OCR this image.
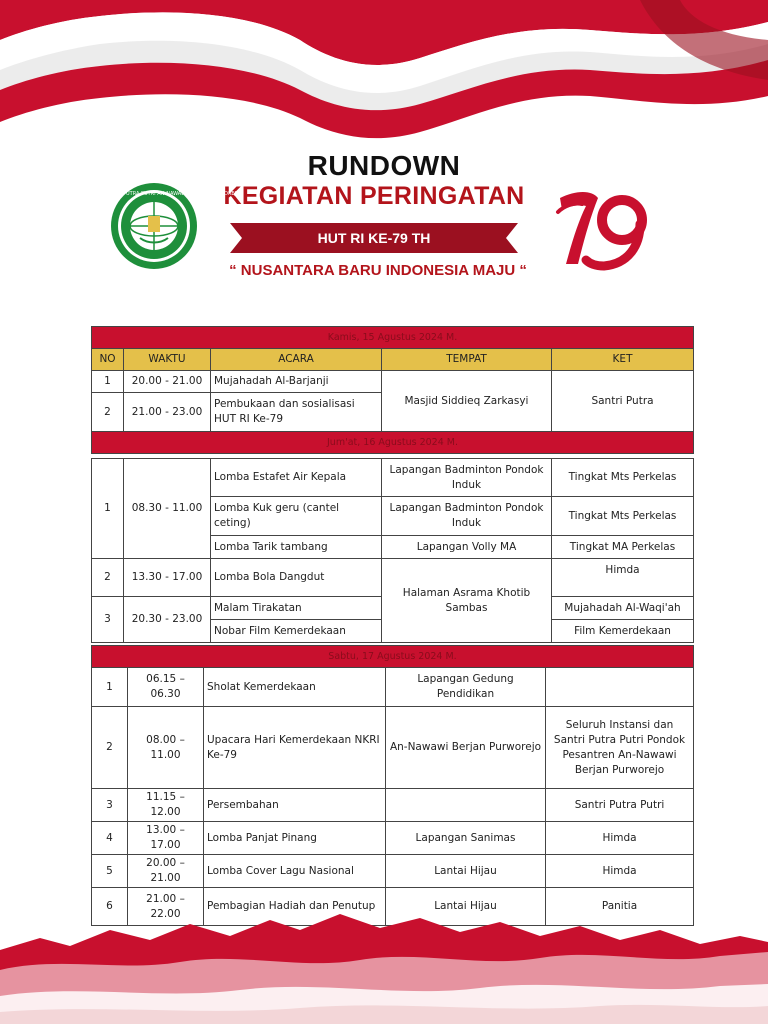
RUNDOWN
KEGIATAN PERINGATAN
HUT RI KE-79 TH
“ NUSANTARA BARU INDONESIA MAJU “
PONDOK PESANTREN PUTRA PUTRI AN-NAWAWI BERJAN PURWOREJO
Kamis, 15 Agustus 2024 M.				
NO	WAKTU	ACARA	TEMPAT	KET
1	20.00 - 21.00	Mujahadah Al-Barjanji	Masjid Siddieq Zarkasyi	Santri Putra
2	21.00 - 23.00	Pembukaan dan sosialisasi HUT RI Ke-79		
Jum'at, 16 Agustus 2024 M.				
1	08.30 - 11.00	Lomba Estafet Air Kepala	Lapangan Badminton Pondok Induk	Tingkat Mts Perkelas
		Lomba Kuk geru (cantel ceting)	Lapangan Badminton Pondok Induk	Tingkat Mts Perkelas
		Lomba Tarik tambang	Lapangan Volly MA	Tingkat MA Perkelas
2	13.30 - 17.00	Lomba Bola Dangdut	Halaman Asrama Khotib Sambas	Himda
3	20.30 - 23.00	Malam Tirakatan		Mujahadah Al-Waqi'ah
		Nobar Film Kemerdekaan		Film Kemerdekaan
Sabtu, 17 Agustus 2024 M.				
1	06.15 – 06.30	Sholat Kemerdekaan	Lapangan Gedung Pendidikan	
2	08.00 – 11.00	Upacara Hari Kemerdekaan NKRI Ke-79	An-Nawawi Berjan Purworejo	Seluruh Instansi dan Santri Putra Putri Pondok Pesantren An-Nawawi Berjan Purworejo
3	11.15 – 12.00	Persembahan		Santri Putra Putri
4	13.00 – 17.00	Lomba Panjat Pinang	Lapangan Sanimas	Himda
5	20.00 – 21.00	Lomba Cover Lagu Nasional	Lantai Hijau	Himda
6	21.00 – 22.00	Pembagian Hadiah dan Penutup	Lantai Hijau	Panitia
